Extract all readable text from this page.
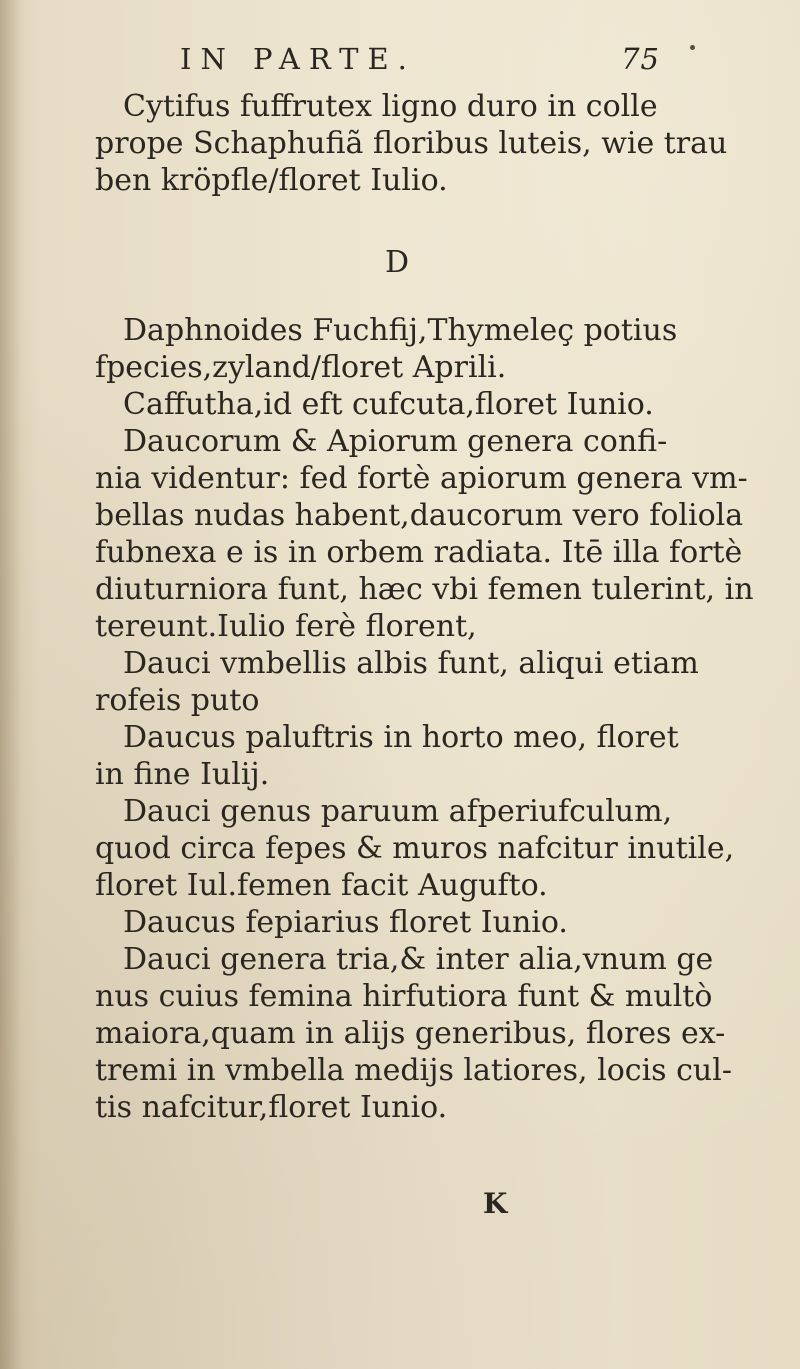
IN PARTE.	75
Cytifus fuffrutex ligno duro in colle
prope Schaphufiã floribus luteis, wie trau
ben kröpfle/floret Iulio.
D
Daphnoides Fuchfij,Thymeleç potius
fpecies,zyland/floret Aprili.
Caffutha,id eft cufcuta,floret Iunio.
Daucorum & Apiorum genera confi-
nia videntur: fed fortè apiorum genera vm-
bellas nudas habent,daucorum vero foliola
fubnexa e is in orbem radiata. Itē illa fortè
diuturniora funt, hæc vbi femen tulerint, in
tereunt.Iulio ferè florent,
Dauci vmbellis albis funt, aliqui etiam
rofeis puto
Daucus paluftris in horto meo, floret
in fine Iulij.
Dauci genus paruum afperiufculum,
quod circa fepes & muros nafcitur inutile,
floret Iul.femen facit Augufto.
Daucus fepiarius floret Iunio.
Dauci genera tria,& inter alia,vnum ge
nus cuius femina hirfutiora funt & multò
maiora,quam in alijs generibus, flores ex-
tremi in vmbella medijs latiores, locis cul-
tis nafcitur,floret Iunio.
K
